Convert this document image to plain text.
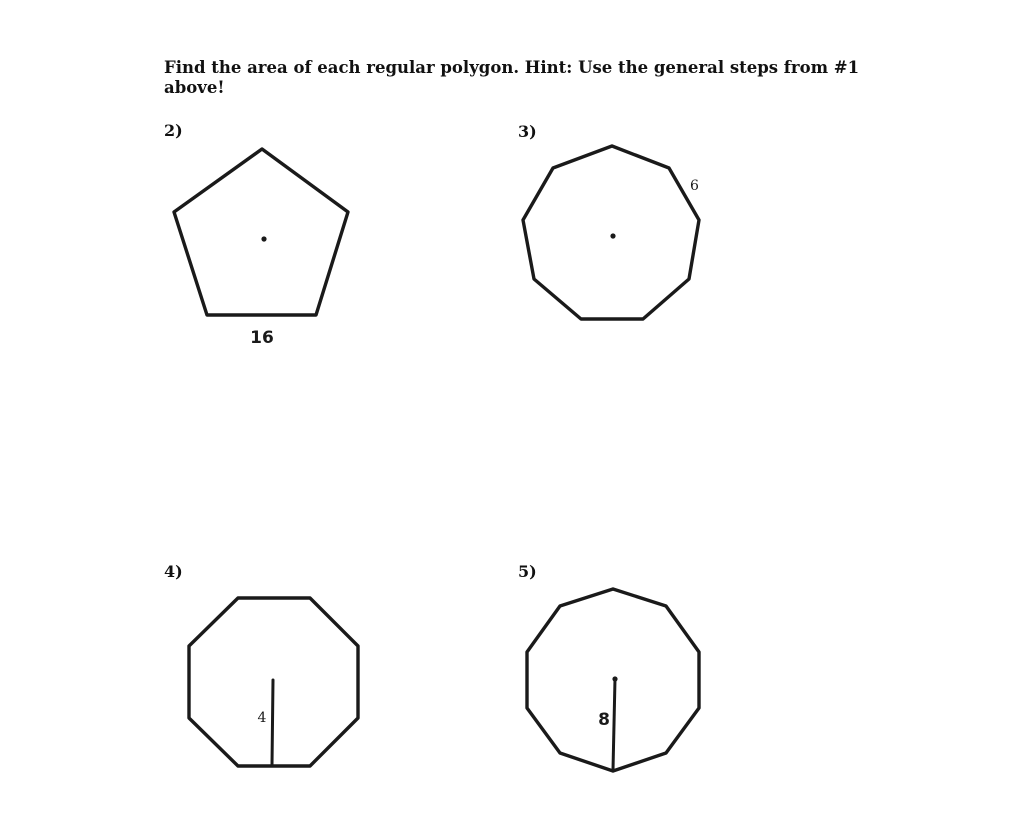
Find the area of each regular polygon. Hint: Use the general steps from #1 above!

2)	3)
4)	5)
16
6
4	8
